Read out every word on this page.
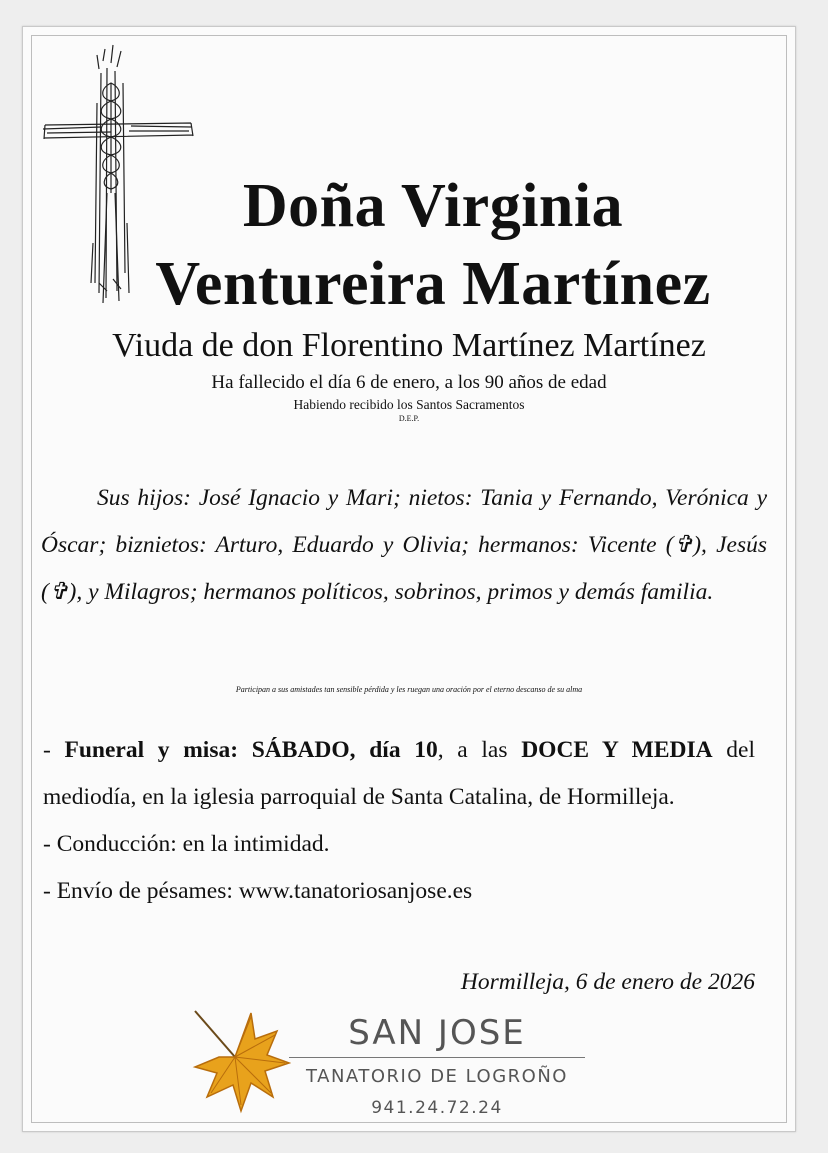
Doña Virginia
Ventureira Martínez
Viuda de don Florentino Martínez Martínez
Ha fallecido el día 6 de enero, a los 90 años de edad
Habiendo recibido los Santos Sacramentos
D.E.P.
Sus hijos: José Ignacio y Mari; nietos: Tania y Fernando, Verónica y Óscar; biznietos: Arturo, Eduardo y Olivia; hermanos: Vicente (✞), Jesús (✞), y Milagros; hermanos políticos, sobrinos, primos y demás familia.
Participan a sus amistades tan sensible pérdida y les ruegan una oración por el eterno descanso de su alma

- Funeral y misa: SÁBADO, día 10, a las DOCE Y MEDIA del mediodía, en la iglesia parroquial de Santa Catalina, de Hormilleja.

- Conducción: en la intimidad.

- Envío de pésames: www.tanatoriosanjose.es

Hormilleja, 6 de enero de 2026
SAN JOSE
TANATORIO DE LOGROÑO
941.24.72.24
